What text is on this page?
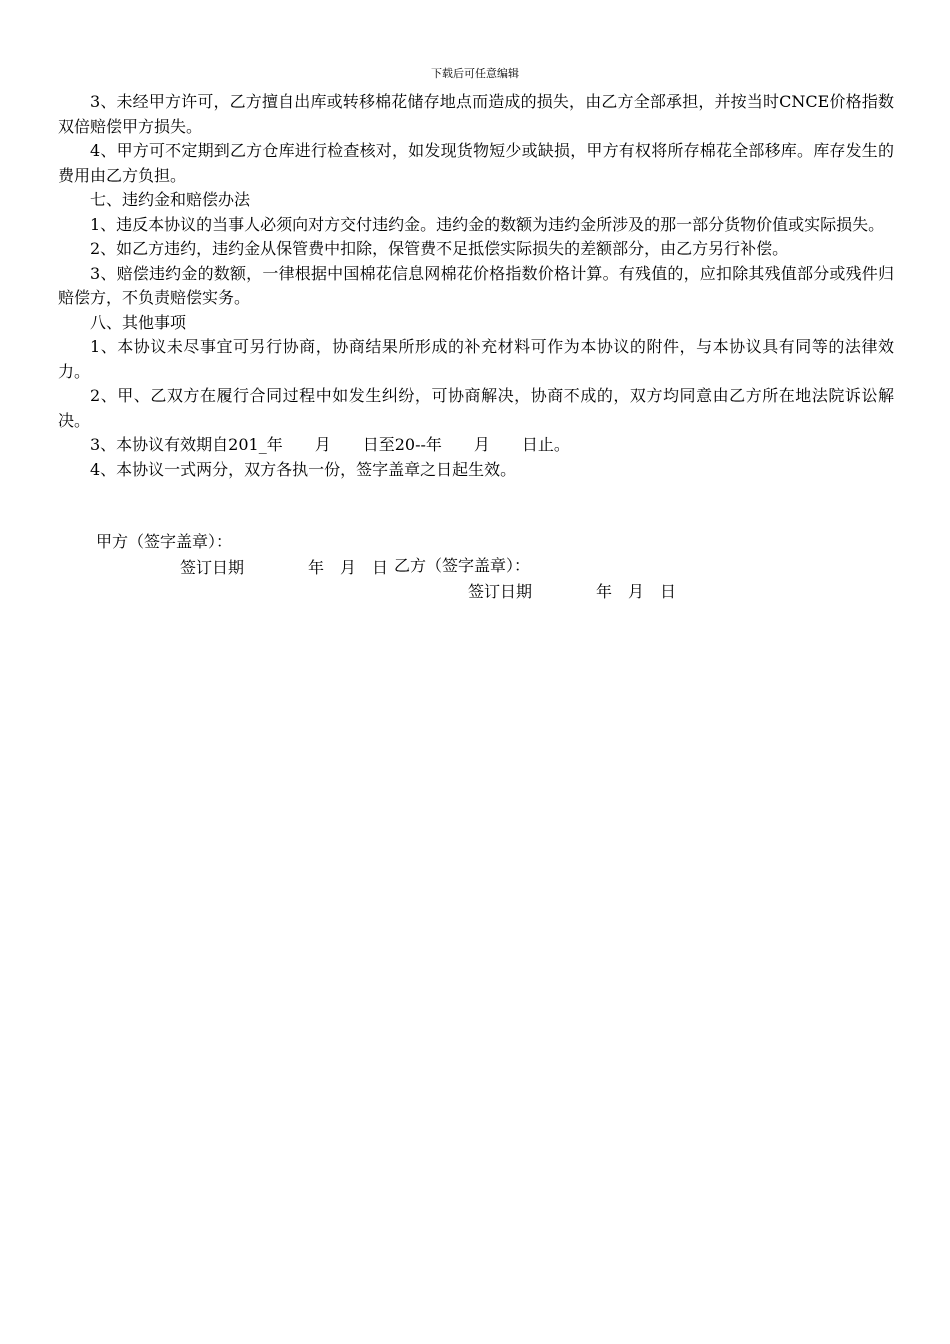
下载后可任意编辑

3、未经甲方许可，乙方擅自出库或转移棉花储存地点而造成的损失，由乙方全部承担，并按当时CNCE价格指数双倍赔偿甲方损失。

4、甲方可不定期到乙方仓库进行检查核对，如发现货物短少或缺损，甲方有权将所存棉花全部移库。库存发生的费用由乙方负担。

七、违约金和赔偿办法

1、违反本协议的当事人必须向对方交付违约金。违约金的数额为违约金所涉及的那一部分货物价值或实际损失。

2、如乙方违约，违约金从保管费中扣除，保管费不足抵偿实际损失的差额部分，由乙方另行补偿。

3、赔偿违约金的数额，一律根据中国棉花信息网棉花价格指数价格计算。有残值的，应扣除其残值部分或残件归赔偿方，不负责赔偿实务。

八、其他事项

1、本协议未尽事宜可另行协商，协商结果所形成的补充材料可作为本协议的附件，与本协议具有同等的法律效力。

2、甲、乙双方在履行合同过程中如发生纠纷，可协商解决，协商不成的，双方均同意由乙方所在地法院诉讼解决。

3、本协议有效期自201_年　　月　　日至20--年　　月　　日止。

4、本协议一式两分，双方各执一份，签字盖章之日起生效。

甲方（签字盖章）：

乙方（签字盖章）：

签订日期　　　　年　月　日

签订日期　　　　年　月　日
